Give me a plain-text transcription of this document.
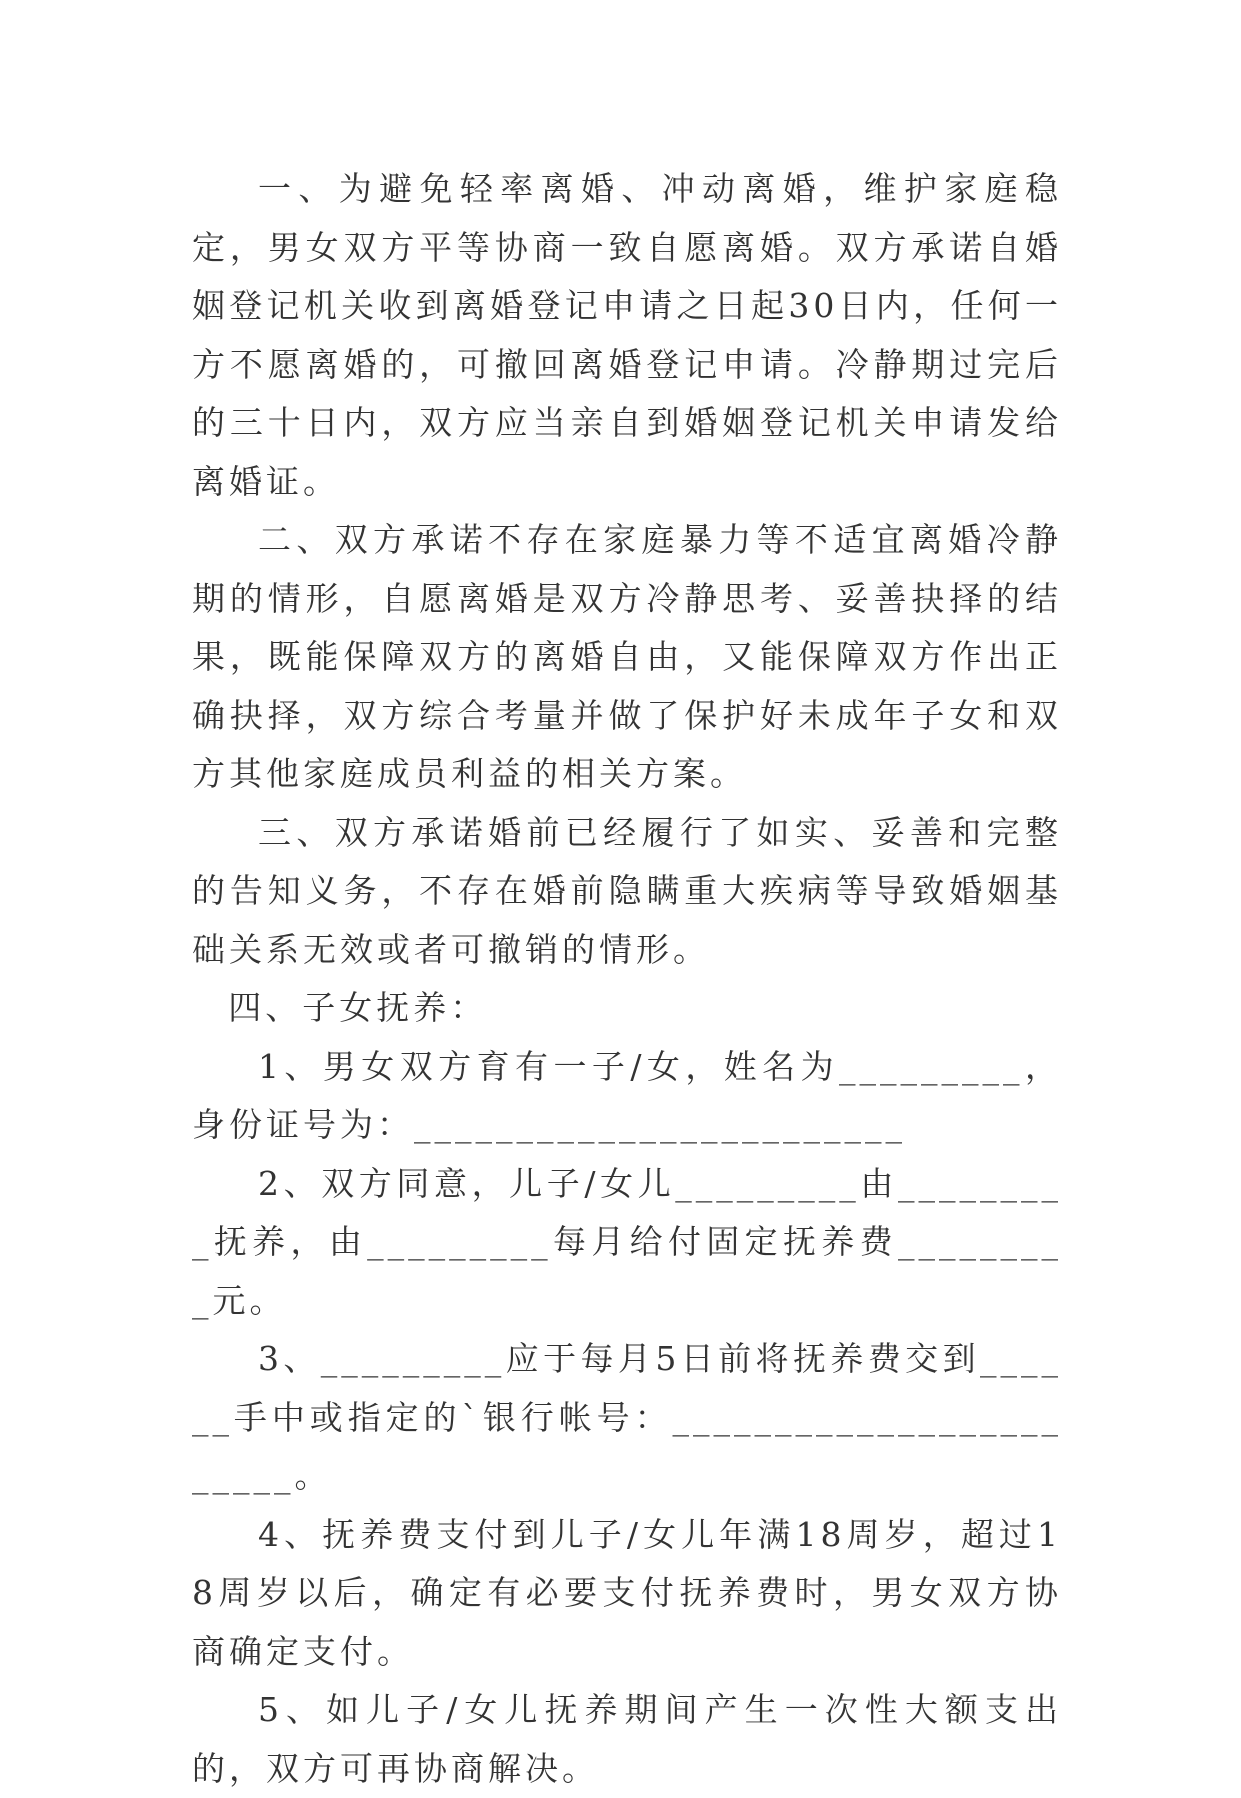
一、为避免轻率离婚、冲动离婚，维护家庭稳定，男女双方平等协商一致自愿离婚。双方承诺自婚姻登记机关收到离婚登记申请之日起30日内，任何一方不愿离婚的，可撤回离婚登记申请。冷静期过完后的三十日内，双方应当亲自到婚姻登记机关申请发给离婚证。

二、双方承诺不存在家庭暴力等不适宜离婚冷静期的情形，自愿离婚是双方冷静思考、妥善抉择的结果，既能保障双方的离婚自由，又能保障双方作出正确抉择，双方综合考量并做了保护好未成年子女和双方其他家庭成员利益的相关方案。

三、双方承诺婚前已经履行了如实、妥善和完整的告知义务，不存在婚前隐瞒重大疾病等导致婚姻基础关系无效或者可撤销的情形。

四、子女抚养：

1、男女双方育有一子/女，姓名为_________，身份证号为：________________________

2、双方同意，儿子/女儿_________由_________抚养，由_________每月给付固定抚养费_________元。

3、_________应于每月5日前将抚养费交到______手中或指定的`银行帐号：________________________。

4、抚养费支付到儿子/女儿年满18周岁，超过18周岁以后，确定有必要支付抚养费时，男女双方协商确定支付。

5、如儿子/女儿抚养期间产生一次性大额支出的，双方可再协商解决。
